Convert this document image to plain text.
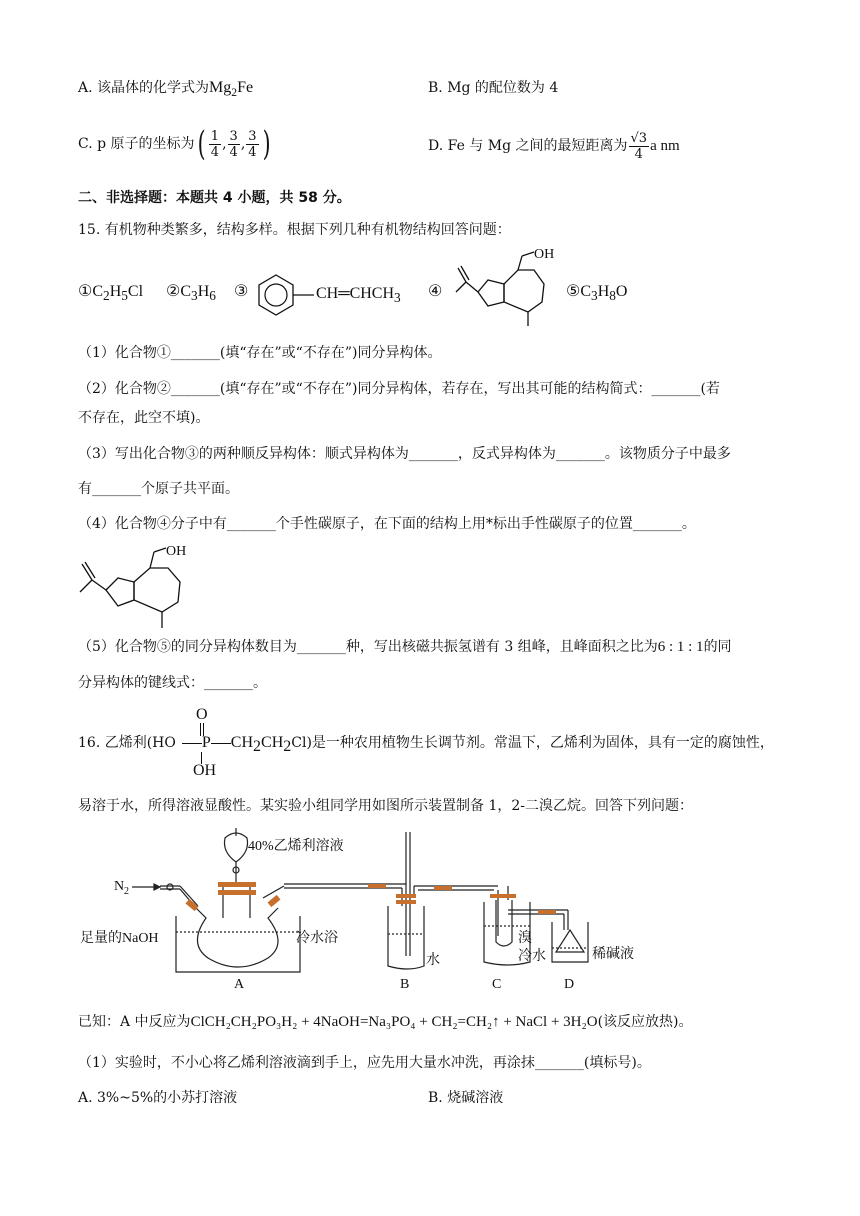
A. 该晶体的化学式为$Mg_2Fe$	B. Mg 的配位数为 4
C. p 原子的坐标为( $\frac{1}{4}$ , $\frac{3}{4}$ , $\frac{3}{4}$ )	D. Fe 与 Mg 之间的最短距离为 $\frac{√3}{4}$ a nm
二、非选择题：本题共 4 小题，共 58 分。
15. 有机物种类繁多，结构多样。根据下列几种有机物结构回答问题：
$①C_2H_5Cl$ $②C_3H_6$ ③	$CH═CHCH_3$ ④
OH
$⑤C_3H_8O$
（1）化合物①_______(填“存在”或“不存在”)同分异构体。
（2）化合物②_______(填“存在”或“不存在”)同分异构体，若存在，写出其可能的结构简式：_______(若
不存在，此空不填)。
（3）写出化合物③的两种顺反异构体：顺式异构体为_______，反式异构体为_______。该物质分子中最多
有_______个原子共平面。
（4）化合物④分子中有_______个手性碳原子，在下面的结构上用*标出手性碳原子的位置_______。
OH
（5）化合物⑤的同分异构体数目为_______种，写出核磁共振氢谱有 3 组峰，且峰面积之比为6 : 1 : 1的同
分异构体的键线式：_______。
16. 乙烯利(HO P $CH_2CH_2Cl$)是一种农用植物生长调节剂。常温下，乙烯利为固体，具有一定的腐蚀性，
O
OH
易溶于水，所得溶液显酸性。某实验小组同学用如图所示装置制备 1，2-二溴乙烷。回答下列问题：
40%乙烯利溶液
N 2
足量的NaOH	冷水浴
水
溴
冷水	稀碱液
A	B	C	D
已知：A 中反应为ClCH₂CH₂PO₃H₂ + 4NaOH=Na₃PO₄ + CH₂=CH₂↑ + NaCl + 3H₂O(该反应放热)。
（1）实验时，不小心将乙烯利溶液滴到手上，应先用大量水冲洗，再涂抹_______(填标号)。
A. 3%~5%的小苏打溶液	B. 烧碱溶液
